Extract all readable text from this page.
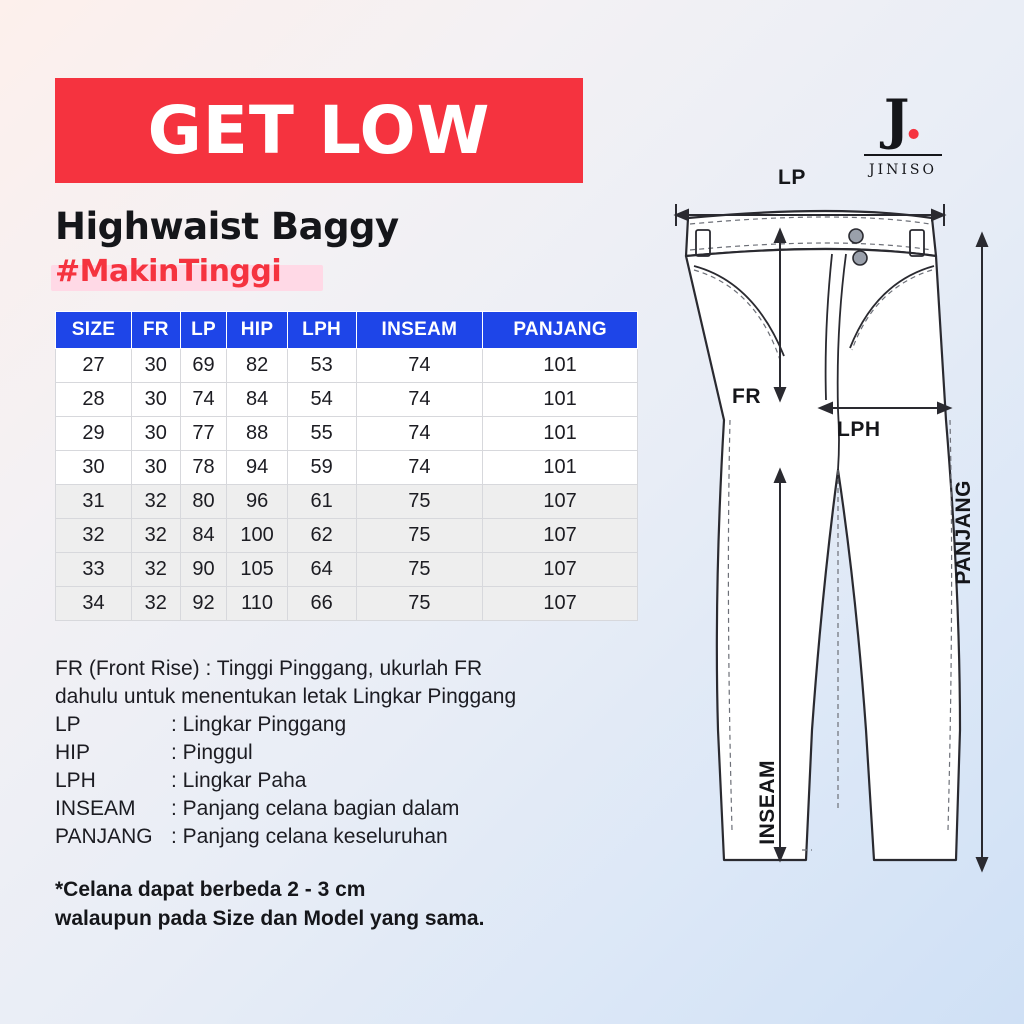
GET LOW
Highwaist Baggy
#MakinTinggi
SIZE	FR	LP	HIP	LPH	INSEAM	PANJANG
27	30	69	82	53	74	101
28	30	74	84	54	74	101
29	30	77	88	55	74	101
30	30	78	94	59	74	101
31	32	80	96	61	75	107
32	32	84	100	62	75	107
33	32	90	105	64	75	107
34	32	92	110	66	75	107
FR (Front Rise) : Tinggi Pinggang, ukurlah FR
dahulu untuk menentukan letak Lingkar Pinggang
LP	: Lingkar Pinggang
HIP	: Pinggul
LPH	: Lingkar Paha
INSEAM	: Panjang celana bagian dalam
PANJANG : Panjang celana keseluruhan
*Celana dapat berbeda 2 - 3 cm
walaupun pada Size dan Model yang sama.
J.
JINISO
LP
FR
LPH
INSEAM
PANJANG
